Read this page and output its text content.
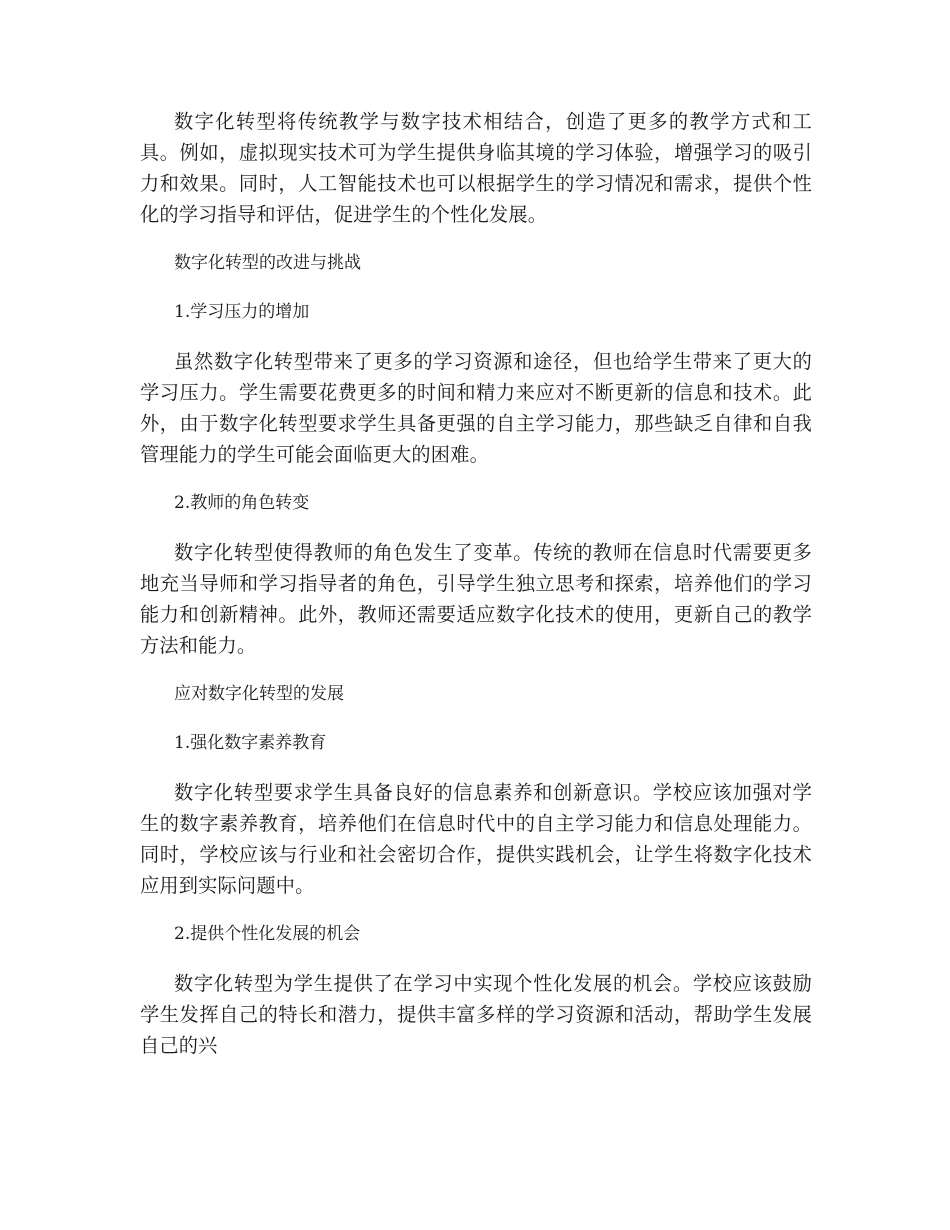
数字化转型将传统教学与数字技术相结合，创造了更多的教学方式和工具。例如，虚拟现实技术可为学生提供身临其境的学习体验，增强学习的吸引力和效果。同时，人工智能技术也可以根据学生的学习情况和需求，提供个性化的学习指导和评估，促进学生的个性化发展。

数字化转型的改进与挑战

1.学习压力的增加

虽然数字化转型带来了更多的学习资源和途径，但也给学生带来了更大的学习压力。学生需要花费更多的时间和精力来应对不断更新的信息和技术。此外，由于数字化转型要求学生具备更强的自主学习能力，那些缺乏自律和自我管理能力的学生可能会面临更大的困难。

2.教师的角色转变

数字化转型使得教师的角色发生了变革。传统的教师在信息时代需要更多地充当导师和学习指导者的角色，引导学生独立思考和探索，培养他们的学习能力和创新精神。此外，教师还需要适应数字化技术的使用，更新自己的教学方法和能力。

应对数字化转型的发展

1.强化数字素养教育

数字化转型要求学生具备良好的信息素养和创新意识。学校应该加强对学生的数字素养教育，培养他们在信息时代中的自主学习能力和信息处理能力。同时，学校应该与行业和社会密切合作，提供实践机会，让学生将数字化技术应用到实际问题中。

2.提供个性化发展的机会

数字化转型为学生提供了在学习中实现个性化发展的机会。学校应该鼓励学生发挥自己的特长和潜力，提供丰富多样的学习资源和活动，帮助学生发展自己的兴
